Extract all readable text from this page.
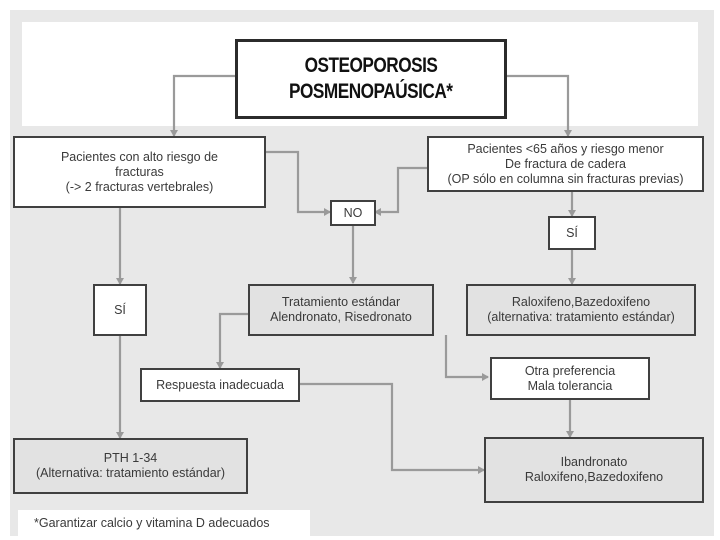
OSTEOPOROSIS
POSMENOPAÚSICA*
Pacientes con alto riesgo de
fracturas
(-> 2 fracturas vertebrales)
Pacientes <65 años y riesgo menor
De fractura de cadera
(OP sólo en columna sin fracturas previas)
NO
SÍ
SÍ
Tratamiento estándar
Alendronato, Risedronato
Raloxifeno,Bazedoxifeno
(alternativa: tratamiento estándar)
Respuesta inadecuada
Otra preferencia
Mala tolerancia
PTH 1-34
(Alternativa: tratamiento estándar)
Ibandronato
Raloxifeno,Bazedoxifeno
*Garantizar calcio y vitamina D adecuados
